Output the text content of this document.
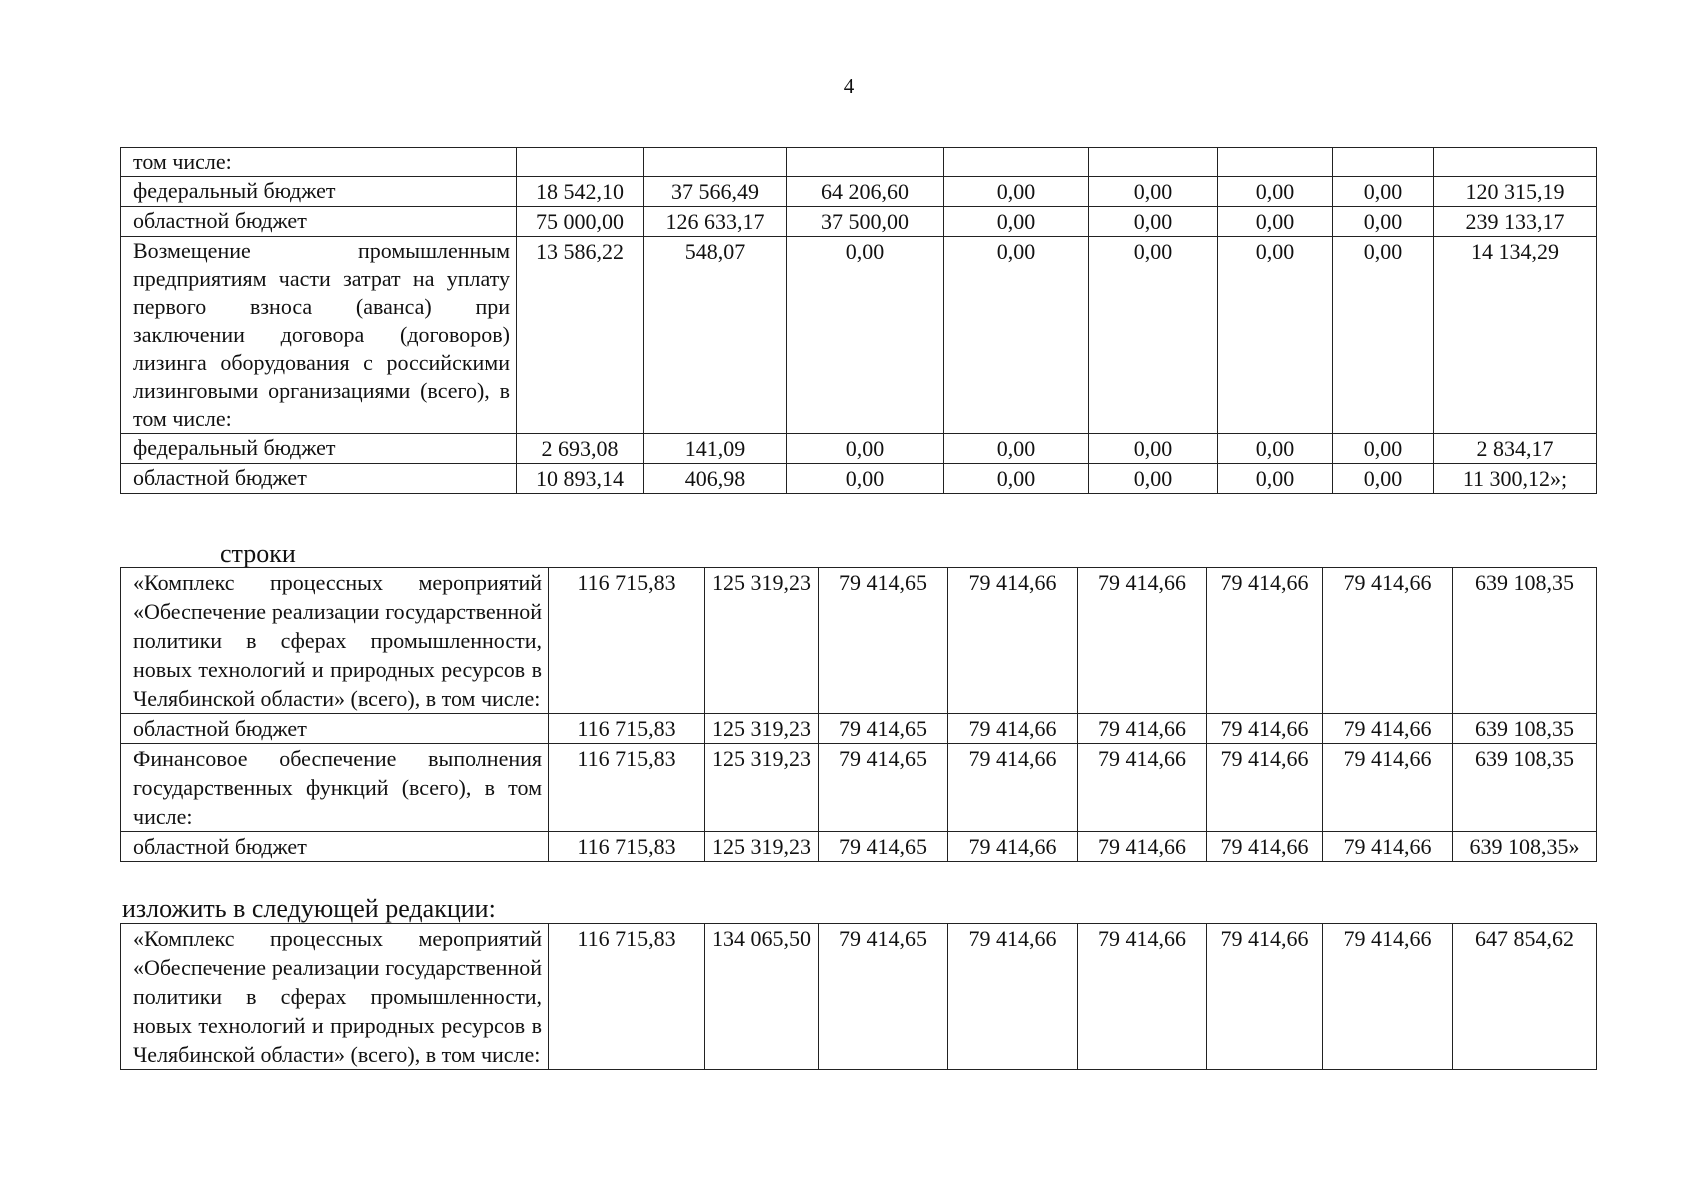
4
том числе:								
федеральный бюджет	18 542,10	37 566,49	64 206,60	0,00	0,00	0,00	0,00	120 315,19
областной бюджет	75 000,00	126 633,17	37 500,00	0,00	0,00	0,00	0,00	239 133,17
Возмещение промышленным предприятиям части затрат на уплату первого взноса (аванса) при заключении договора (договоров) лизинга оборудования с российскими лизинговыми организациями (всего), в том числе:	13 586,22	548,07	0,00	0,00	0,00	0,00	0,00	14 134,29
федеральный бюджет	2 693,08	141,09	0,00	0,00	0,00	0,00	0,00	2 834,17
областной бюджет	10 893,14	406,98	0,00	0,00	0,00	0,00	0,00	11 300,12»;
строки
«Комплекс процессных мероприятий «Обеспечение реализации государственной политики в сферах промышленности, новых технологий и природных ресурсов в Челябинской области» (всего), в том числе:	116 715,83	125 319,23	79 414,65	79 414,66	79 414,66	79 414,66	79 414,66	639 108,35
областной бюджет	116 715,83	125 319,23	79 414,65	79 414,66	79 414,66	79 414,66	79 414,66	639 108,35
Финансовое обеспечение выполнения государственных функций (всего), в том числе:	116 715,83	125 319,23	79 414,65	79 414,66	79 414,66	79 414,66	79 414,66	639 108,35
областной бюджет	116 715,83	125 319,23	79 414,65	79 414,66	79 414,66	79 414,66	79 414,66	639 108,35»
изложить в следующей редакции:
«Комплекс процессных мероприятий «Обеспечение реализации государственной политики в сферах промышленности, новых технологий и природных ресурсов в Челябинской области» (всего), в том числе:	116 715,83	134 065,50	79 414,65	79 414,66	79 414,66	79 414,66	79 414,66	647 854,62
